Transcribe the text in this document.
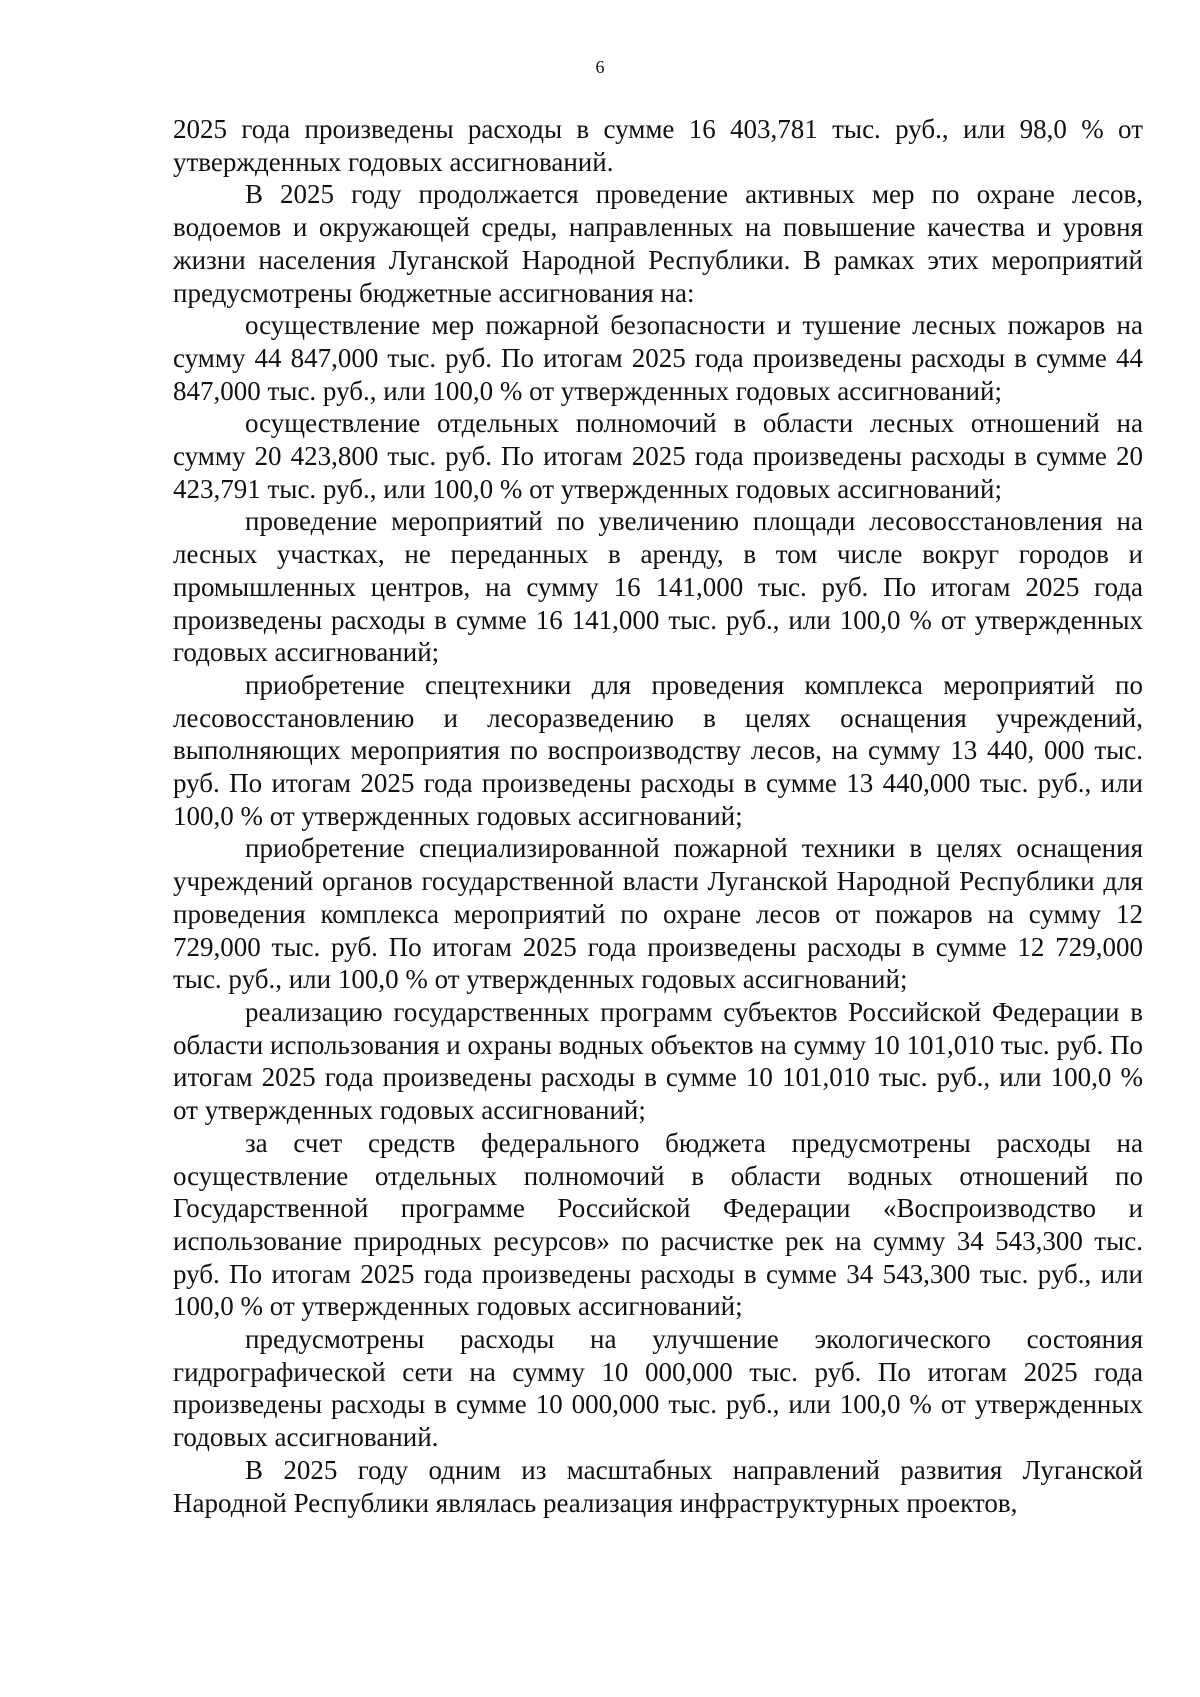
6

2025 года произведены расходы в сумме 16 403,781 тыс. руб., или 98,0 % от утвержденных годовых ассигнований.

В 2025 году продолжается проведение активных мер по охране лесов, водоемов и окружающей среды, направленных на повышение качества и уровня жизни населения Луганской Народной Республики. В рамках этих мероприятий предусмотрены бюджетные ассигнования на:

осуществление мер пожарной безопасности и тушение лесных пожаров на сумму 44 847,000 тыс. руб. По итогам 2025 года произведены расходы в сумме 44 847,000 тыс. руб., или 100,0 % от утвержденных годовых ассигнований;

осуществление отдельных полномочий в области лесных отношений на сумму 20 423,800 тыс. руб. По итогам 2025 года произведены расходы в сумме 20 423,791 тыс. руб., или 100,0 % от утвержденных годовых ассигнований;

проведение мероприятий по увеличению площади лесовосстановления на лесных участках, не переданных в аренду, в том числе вокруг городов и промышленных центров, на сумму 16 141,000 тыс. руб. По итогам 2025 года произведены расходы в сумме 16 141,000 тыс. руб., или 100,0 % от утвержденных годовых ассигнований;

приобретение спецтехники для проведения комплекса мероприятий по лесовосстановлению и лесоразведению в целях оснащения учреждений, выполняющих мероприятия по воспроизводству лесов, на сумму 13 440, 000 тыс. руб. По итогам 2025 года произведены расходы в сумме 13 440,000 тыс. руб., или 100,0 % от утвержденных годовых ассигнований;

приобретение специализированной пожарной техники в целях оснащения учреждений органов государственной власти Луганской Народной Республики для проведения комплекса мероприятий по охране лесов от пожаров на сумму 12 729,000 тыс. руб. По итогам 2025 года произведены расходы в сумме 12 729,000 тыс. руб., или 100,0 % от утвержденных годовых ассигнований;

реализацию государственных программ субъектов Российской Федерации в области использования и охраны водных объектов на сумму 10 101,010 тыс. руб. По итогам 2025 года произведены расходы в сумме 10 101,010 тыс. руб., или 100,0 % от утвержденных годовых ассигнований;

за счет средств федерального бюджета предусмотрены расходы на осуществление отдельных полномочий в области водных отношений по Государственной программе Российской Федерации «Воспроизводство и использование природных ресурсов» по расчистке рек на сумму 34 543,300 тыс. руб. По итогам 2025 года произведены расходы в сумме 34 543,300 тыс. руб., или 100,0 % от утвержденных годовых ассигнований;

предусмотрены расходы на улучшение экологического состояния гидрографической сети на сумму 10 000,000 тыс. руб. По итогам 2025 года произведены расходы в сумме 10 000,000 тыс. руб., или 100,0 % от утвержденных годовых ассигнований.

В 2025 году одним из масштабных направлений развития Луганской Народной Республики являлась реализация инфраструктурных проектов,
